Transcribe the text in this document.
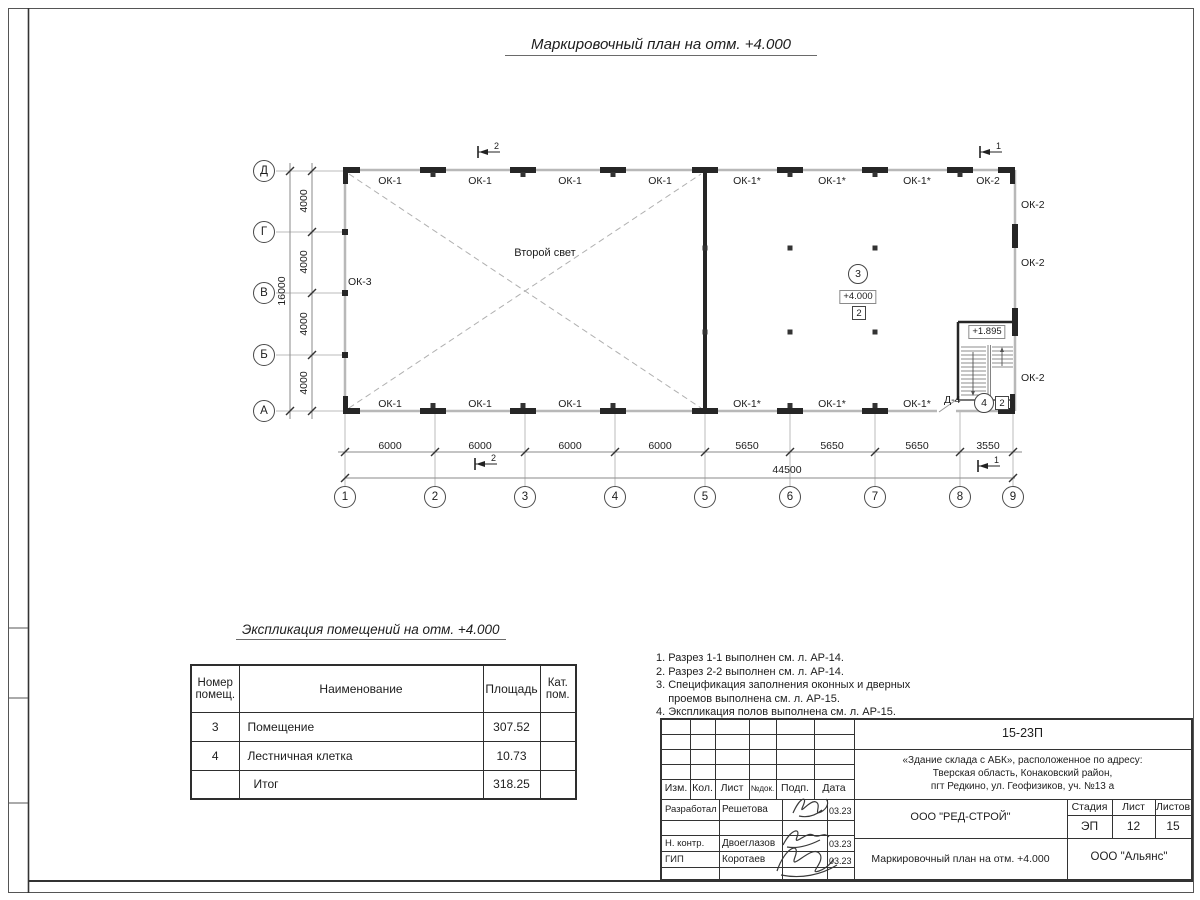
Маркировочный план на отм. +4.000
Д
Г
В
Б
А
1	2	3	4	5	6	7	8	9
ОК-1	ОК-1	ОК-1	ОК-1	ОК-1*	ОК-1*	ОК-1*	ОК-2
ОК-1	ОК-1	ОК-1	ОК-1*	ОК-1*	ОК-1*
ОК-2
ОК-2
ОК-2
ОК-3
Д-4
Второй свет
3
+4.000
2
+1.895
4	2
4000
4000
4000
4000
16000
6000	6000	6000	6000	5650	5650	5650	3550
44500
2	1
2	1
Экспликация помещений на отм. +4.000
Номер помещ.	Наименование	Площадь	Кат. пом.
3	Помещение	307.52	
4	Лестничная клетка	10.73	
	Итог	318.25	
1. Разрез 1-1 выполнен см. л. АР-14.
2. Разрез 2-2 выполнен см. л. АР-14.
3. Спецификация заполнения оконных и дверных
проемов выполнена см. л. АР-15.
4. Экспликация полов выполнена см. л. АР-15.
Изм. Кол. Лист №док. Подп.	Дата
Разработал Решетова	03.23
Н. контр. Двоеглазов	03.23
ГИП	Коротаев	03.23
15-23П
«Здание склада с АБК», расположенное по адресу:
Тверская область, Конаковский район,
пгт Редкино, ул. Геофизиков, уч. №13 а
ООО "РЕД-СТРОЙ"
Стадия	Лист	Листов
ЭП	12	15
Маркировочный план на отм. +4.000	ООО "Альянс"
